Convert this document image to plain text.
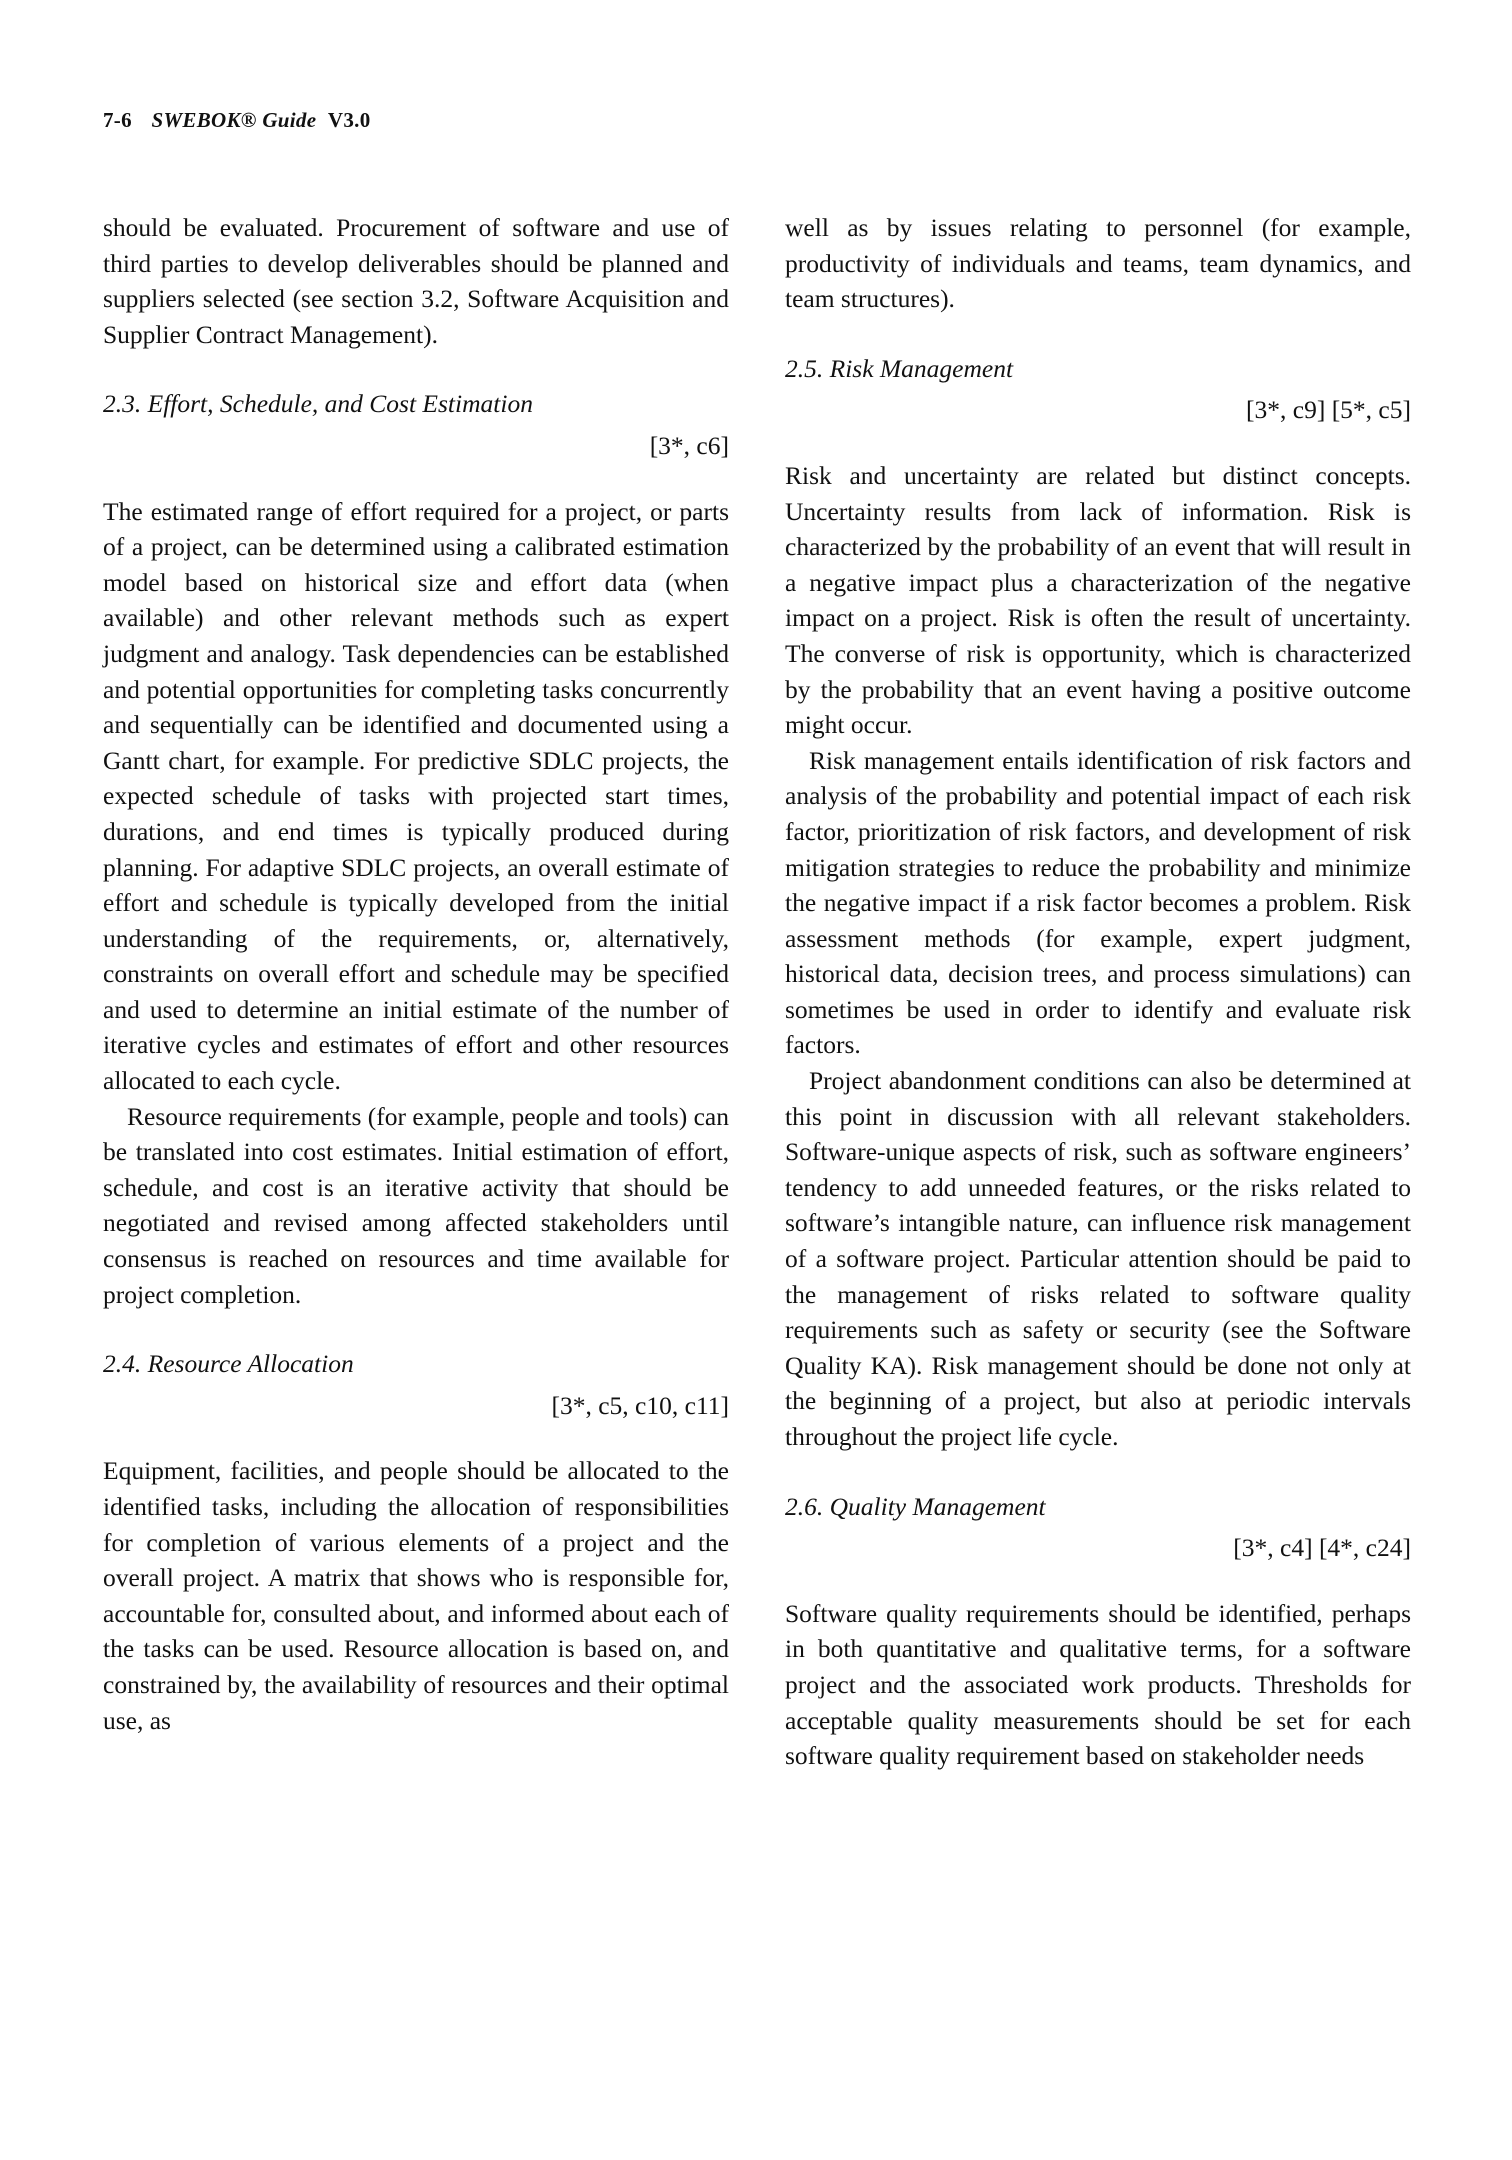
7-6 SWEBOK® Guide V3.0

should be evaluated. Procurement of software and use of third parties to develop deliverables should be planned and suppliers selected (see section 3.2, Software Acquisition and Supplier Contract Management).

2.3. Effort, Schedule, and Cost Estimation

[3*, c6]

The estimated range of effort required for a project, or parts of a project, can be determined using a calibrated estimation model based on historical size and effort data (when available) and other relevant methods such as expert judgment and analogy. Task dependencies can be established and potential opportunities for completing tasks concurrently and sequentially can be identified and documented using a Gantt chart, for example. For predictive SDLC projects, the expected schedule of tasks with projected start times, durations, and end times is typically produced during planning. For adaptive SDLC projects, an overall estimate of effort and schedule is typically developed from the initial understanding of the requirements, or, alternatively, constraints on overall effort and schedule may be specified and used to determine an initial estimate of the number of iterative cycles and estimates of effort and other resources allocated to each cycle.

Resource requirements (for example, people and tools) can be translated into cost estimates. Initial estimation of effort, schedule, and cost is an iterative activity that should be negotiated and revised among affected stakeholders until consensus is reached on resources and time available for project completion.

2.4. Resource Allocation

[3*, c5, c10, c11]

Equipment, facilities, and people should be allocated to the identified tasks, including the allocation of responsibilities for completion of various elements of a project and the overall project. A matrix that shows who is responsible for, accountable for, consulted about, and informed about each of the tasks can be used. Resource allocation is based on, and constrained by, the availability of resources and their optimal use, as

well as by issues relating to personnel (for example, productivity of individuals and teams, team dynamics, and team structures).

2.5. Risk Management

[3*, c9] [5*, c5]

Risk and uncertainty are related but distinct concepts. Uncertainty results from lack of information. Risk is characterized by the probability of an event that will result in a negative impact plus a characterization of the negative impact on a project. Risk is often the result of uncertainty. The converse of risk is opportunity, which is characterized by the probability that an event having a positive outcome might occur.

Risk management entails identification of risk factors and analysis of the probability and potential impact of each risk factor, prioritization of risk factors, and development of risk mitigation strategies to reduce the probability and minimize the negative impact if a risk factor becomes a problem. Risk assessment methods (for example, expert judgment, historical data, decision trees, and process simulations) can sometimes be used in order to identify and evaluate risk factors.

Project abandonment conditions can also be determined at this point in discussion with all relevant stakeholders. Software-unique aspects of risk, such as software engineers’ tendency to add unneeded features, or the risks related to software’s intangible nature, can influence risk management of a software project. Particular attention should be paid to the management of risks related to software quality requirements such as safety or security (see the Software Quality KA). Risk management should be done not only at the beginning of a project, but also at periodic intervals throughout the project life cycle.

2.6. Quality Management

[3*, c4] [4*, c24]

Software quality requirements should be identified, perhaps in both quantitative and qualitative terms, for a software project and the associated work products. Thresholds for acceptable quality measurements should be set for each software quality requirement based on stakeholder needs
